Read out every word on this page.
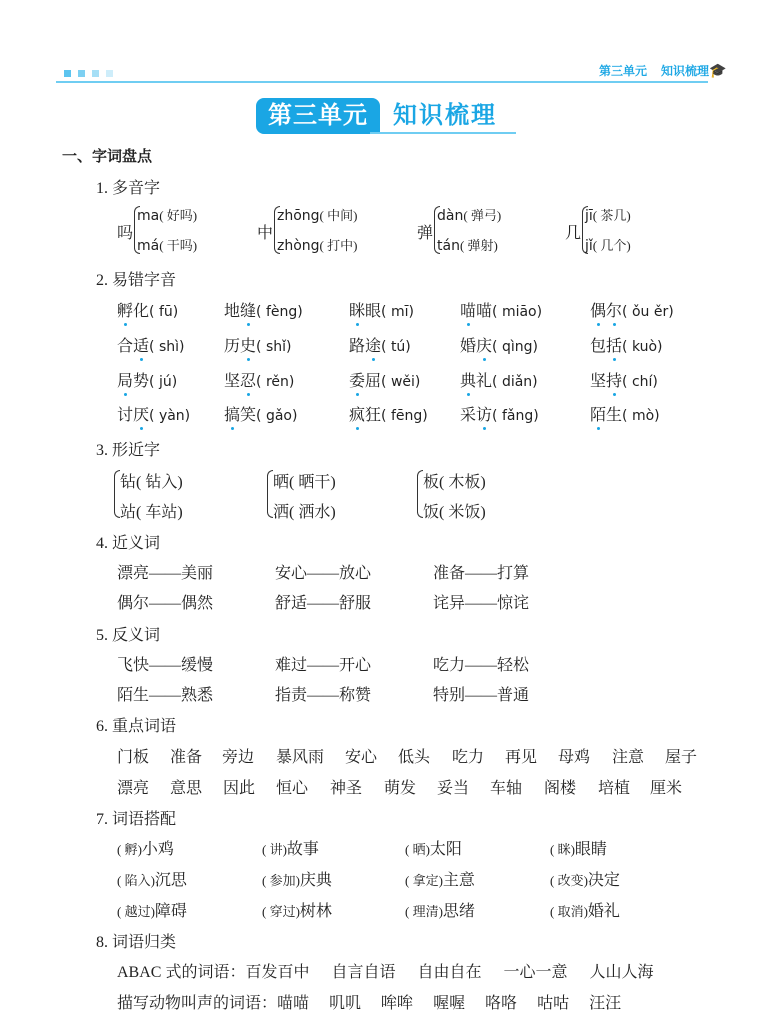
第三单元 知识梳理 🎓
第三单元	知识梳理
一、字词盘点
1. 多音字
吗
ma( 好吗)
má( 干吗)
中
zhōng( 中间)
zhòng( 打中)
弹
dàn( 弹弓)
tán( 弹射)
几
jī( 茶几)
jǐ( 几个)
2. 易错字音
孵化( fū)	地缝( fèng)	眯眼( mī)	喵喵( miāo)	偶尔( ǒu ěr)
合适( shì) 历史( shǐ)	路途( tú)	婚庆( qìng)	包括( kuò)
局势( jú)	坚忍( rěn)	委屈( wěi) 典礼( diǎn)	坚持( chí)
讨厌( yàn) 搞笑( gǎo)	疯狂( fēng) 采访( fǎng)	陌生( mò)
3. 形近字
钻( 钻入)
站( 车站)
晒( 晒干)
洒( 洒水)
板( 木板)
饭( 米饭)
4. 近义词
漂亮——美丽	安心——放心	准备——打算
偶尔——偶然	舒适——舒服	诧异——惊诧
5. 反义词
飞快——缓慢	难过——开心	吃力——轻松
陌生——熟悉	指责——称赞	特别——普通
6. 重点词语
门板 准备 旁边 暴风雨 安心 低头 吃力 再见 母鸡 注意 屋子
漂亮 意思 因此 恒心 神圣 萌发 妥当 车轴 阁楼 培植 厘米
7. 词语搭配
( 孵)小鸡	( 讲)故事	( 晒)太阳	( 眯)眼睛
( 陷入)沉思	( 参加)庆典	( 拿定)主意	( 改变)决定
( 越过)障碍	( 穿过)树林	( 理清)思绪	( 取消)婚礼
8. 词语归类
ABAC 式的词语：百发百中 自言自语 自由自在 一心一意 人山人海
描写动物叫声的词语：喵喵 叽叽 哞哞 喔喔 咯咯 咕咕 汪汪
